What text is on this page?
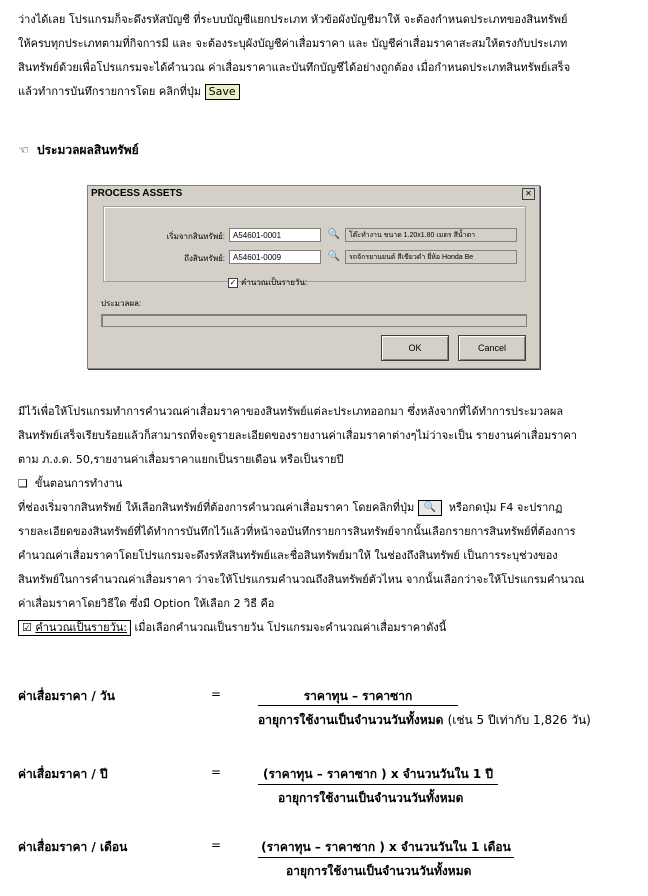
ว่างได้เลย โปรแกรมก็จะดึงรหัสบัญชี ที่ระบบบัญชีแยกประเภท หัวข้อผังบัญชีมาให้ จะต้องกำหนดประเภทของสินทรัพย์

ให้ครบทุกประเภทตามที่กิจการมี และ จะต้องระบุผังบัญชีค่าเสื่อมราคา และ บัญชีค่าเสื่อมราคาสะสมให้ตรงกับประเภท

สินทรัพย์ด้วยเพื่อโปรแกรมจะได้คำนวณ ค่าเสื่อมราคาและบันทึกบัญชีได้อย่างถูกต้อง เมื่อกำหนดประเภทสินทรัพย์เสร็จ

แล้วทำการบันทึกรายการโดย คลิกที่ปุ่ม Save

☜ ประมวลผลสินทรัพย์
PROCESS ASSETS	✕
เริ่มจากสินทรัพย์:	A54601-0001	🔍	โต๊ะทำงาน ขนาด 1.20x1.80 เมตร สีน้ำตา
ถึงสินทรัพย์:	A54601-0009	🔍	รถจักรยานยนต์ สีเขียวดำ ยี่ห้อ Honda Be
✓ คำนวณเป็นรายวัน:
ประมวลผล:
OK	Cancel

มีไว้เพื่อให้โปรแกรมทำการคำนวณค่าเสื่อมราคาของสินทรัพย์แต่ละประเภทออกมา ซึ่งหลังจากที่ได้ทำการประมวลผล

สินทรัพย์เสร็จเรียบร้อยแล้วก็สามารถที่จะดูรายละเอียดของรายงานค่าเสื่อมราคาต่างๆไม่ว่าจะเป็น รายงานค่าเสื่อมราคา

ตาม ภ.ง.ด. 50,รายงานค่าเสื่อมราคาแยกเป็นรายเดือน หรือเป็นรายปี

❑ ขั้นตอนการทำงาน

ที่ช่องเริ่มจากสินทรัพย์ ให้เลือกสินทรัพย์ที่ต้องการคำนวณค่าเสื่อมราคา โดยคลิกที่ปุ่ม 🔍 หรือกดปุ่ม F4 จะปรากฏ

รายละเอียดของสินทรัพย์ที่ได้ทำการบันทึกไว้แล้วที่หน้าจอบันทึกรายการสินทรัพย์จากนั้นเลือกรายการสินทรัพย์ที่ต้องการ

คำนวณค่าเสื่อมราคาโดยโปรแกรมจะดึงรหัสสินทรัพย์และชื่อสินทรัพย์มาให้ ในช่องถึงสินทรัพย์ เป็นการระบุช่วงของ

สินทรัพย์ในการคำนวณค่าเสื่อมราคา ว่าจะให้โปรแกรมคำนวณถึงสินทรัพย์ตัวไหน จากนั้นเลือกว่าจะให้โปรแกรมคำนวณ

ค่าเสื่อมราคาโดยวิธีใด ซึ่งมี Option ให้เลือก 2 วิธี คือ

☑ คำนวณเป็นรายวัน: เมื่อเลือกคำนวณเป็นรายวัน โปรแกรมจะคำนวณค่าเสื่อมราคาดังนี้

ค่าเสื่อมราคา / วัน	=	ราคาทุน – ราคาซาก
อายุการใช้งานเป็นจำนวนวันทั้งหมด (เช่น 5 ปีเท่ากับ 1,826 วัน)
ค่าเสื่อมราคา / ปี	=	(ราคาทุน – ราคาซาก ) x จำนวนวันใน 1 ปี
อายุการใช้งานเป็นจำนวนวันทั้งหมด
ค่าเสื่อมราคา / เดือน	=	(ราคาทุน – ราคาซาก ) x จำนวนวันใน 1 เดือน
อายุการใช้งานเป็นจำนวนวันทั้งหมด
